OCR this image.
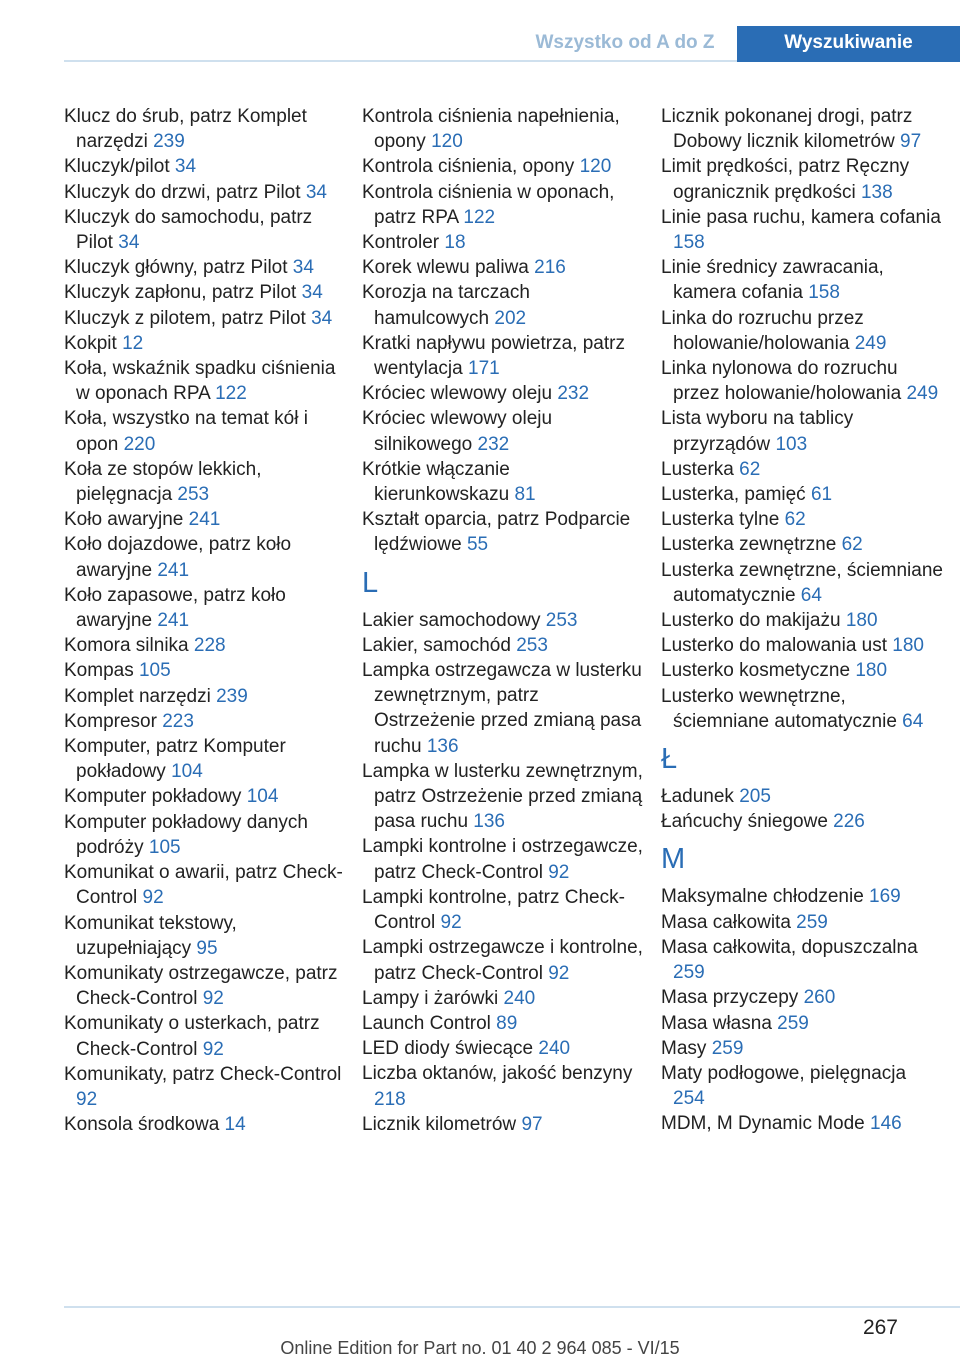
Wszystko od A do Z	Wyszukiwanie
Klucz do śrub, patrz Komplet narzędzi 239
Kluczyk/pilot 34
Kluczyk do drzwi, patrz Pilot 34
Kluczyk do samochodu, patrz Pilot 34
Kluczyk główny, patrz Pilot 34
Kluczyk zapłonu, patrz Pilot 34
Kluczyk z pilotem, patrz Pilot 34
Kokpit 12
Koła, wskaźnik spadku ciśnienia w oponach RPA 122
Koła, wszystko na temat kół i opon 220
Koła ze stopów lekkich, pielęgnacja 253
Koło awaryjne 241
Koło dojazdowe, patrz koło awaryjne 241
Koło zapasowe, patrz koło awaryjne 241
Komora silnika 228
Kompas 105
Komplet narzędzi 239
Kompresor 223
Komputer, patrz Komputer pokładowy 104
Komputer pokładowy 104
Komputer pokładowy danych podróży 105
Komunikat o awarii, patrz Check-Control 92
Komunikat tekstowy, uzupełniający 95
Komunikaty ostrzegawcze, patrz Check-Control 92
Komunikaty o usterkach, patrz Check-Control 92
Komunikaty, patrz Check-Control 92
Konsola środkowa 14
Kontrola ciśnienia napełnienia, opony 120
Kontrola ciśnienia, opony 120
Kontrola ciśnienia w oponach, patrz RPA 122
Kontroler 18
Korek wlewu paliwa 216
Korozja na tarczach hamulcowych 202
Kratki napływu powietrza, patrz wentylacja 171
Króciec wlewowy oleju 232
Króciec wlewowy oleju silnikowego 232
Krótkie włączanie kierunkowskazu 81
Kształt oparcia, patrz Podparcie lędźwiowe 55
L
Lakier samochodowy 253
Lakier, samochód 253
Lampka ostrzegawcza w lusterku zewnętrznym, patrz Ostrzeżenie przed zmianą pasa ruchu 136
Lampka w lusterku zewnętrznym, patrz Ostrzeżenie przed zmianą pasa ruchu 136
Lampki kontrolne i ostrzegawcze, patrz Check-Control 92
Lampki kontrolne, patrz Check-Control 92
Lampki ostrzegawcze i kontrolne, patrz Check-Control 92
Lampy i żarówki 240
Launch Control 89
LED diody świecące 240
Liczba oktanów, jakość benzyny 218
Licznik kilometrów 97
Licznik pokonanej drogi, patrz Dobowy licznik kilometrów 97
Limit prędkości, patrz Ręczny ogranicznik prędkości 138
Linie pasa ruchu, kamera cofania 158
Linie średnicy zawracania, kamera cofania 158
Linka do rozruchu przez holowanie/holowania 249
Linka nylonowa do rozruchu przez holowanie/holowania 249
Lista wyboru na tablicy przyrządów 103
Lusterka 62
Lusterka, pamięć 61
Lusterka tylne 62
Lusterka zewnętrzne 62
Lusterka zewnętrzne, ściemniane automatycznie 64
Lusterko do makijażu 180
Lusterko do malowania ust 180
Lusterko kosmetyczne 180
Lusterko wewnętrzne, ściemniane automatycznie 64
Ł
Ładunek 205
Łańcuchy śniegowe 226
M
Maksymalne chłodzenie 169
Masa całkowita 259
Masa całkowita, dopuszczalna 259
Masa przyczepy 260
Masa własna 259
Masy 259
Maty podłogowe, pielęgnacja 254
MDM, M Dynamic Mode 146
267
Online Edition for Part no. 01 40 2 964 085 - VI/15
